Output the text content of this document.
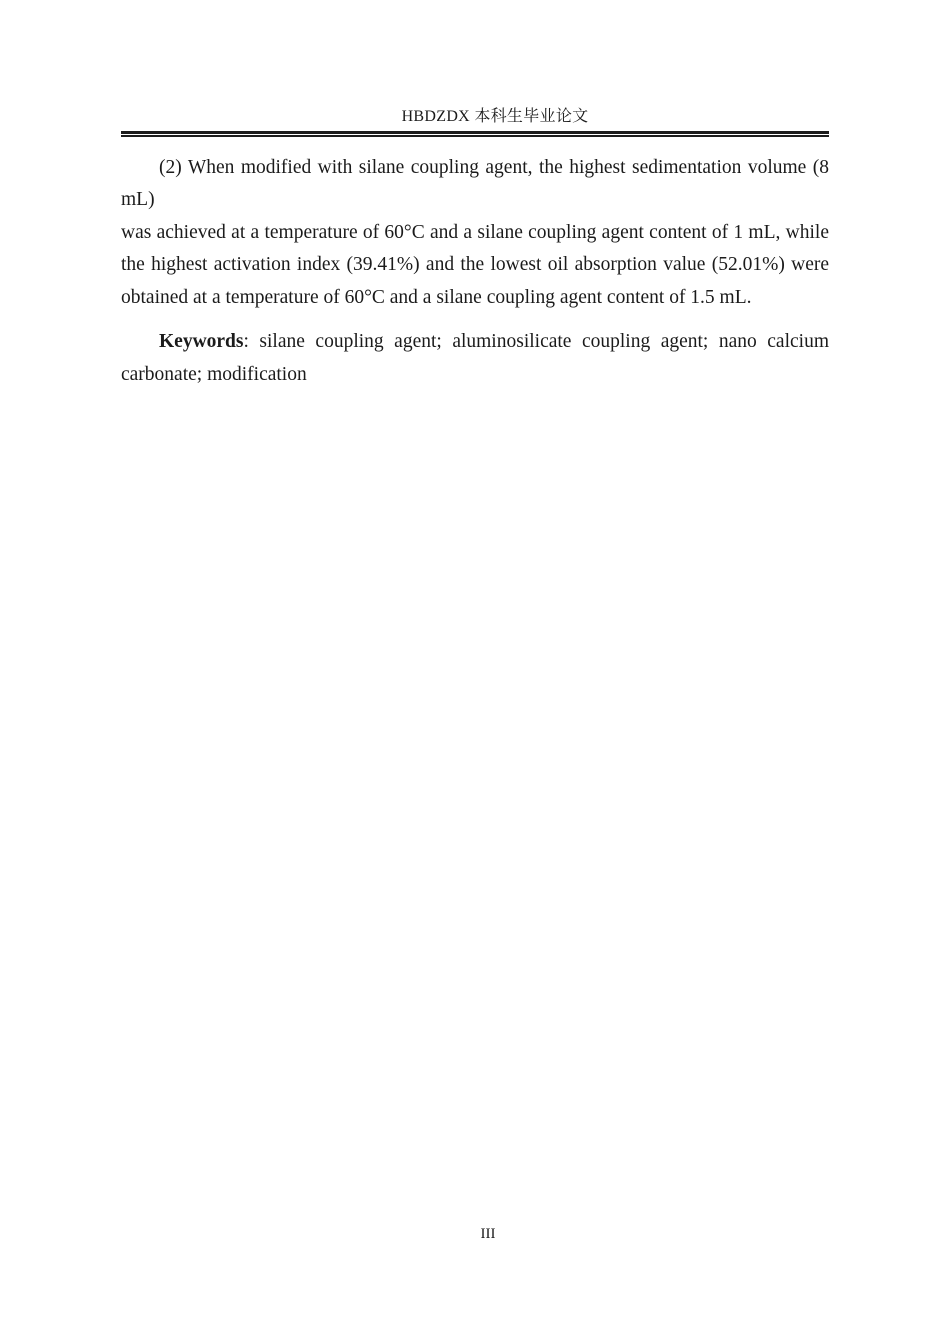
HBDZDX 本科生毕业论文
(2) When modified with silane coupling agent, the highest sedimentation volume (8 mL)
was achieved at a temperature of 60°C and a silane coupling agent content of 1 mL, while
the highest activation index (39.41%) and the lowest oil absorption value (52.01%) were
obtained at a temperature of 60°C and a silane coupling agent content of 1.5 mL.
Keywords: silane coupling agent; aluminosilicate coupling agent; nano calcium
carbonate; modification
III
